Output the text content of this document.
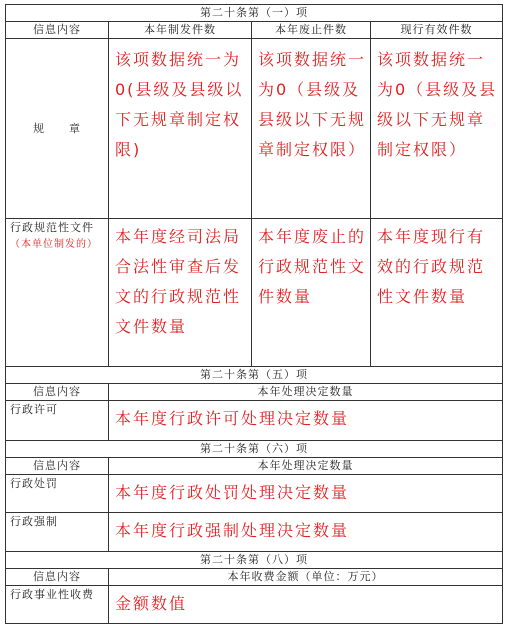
第二十条第（一）项			
信息内容	本年制发件数	本年废止件数	现行有效件数
规　　章	该项数据统一为0(县级及县级以下无规章制定权限)	该项数据统一为0（县级及县级以下无规章制定权限）	该项数据统一为0（县级及县级以下无规章制定权限）
行政规范性文件（本单位制发的）	本年度经司法局合法性审查后发文的行政规范性文件数量	本年度废止的行政规范性文件数量	本年度现行有效的行政规范性文件数量
第二十条第（五）项			
信息内容	本年处理决定数量		
行政许可	本年度行政许可处理决定数量		
第二十条第（六）项			
信息内容	本年处理决定数量		
行政处罚	本年度行政处罚处理决定数量		
行政强制	本年度行政强制处理决定数量		
第二十条第（八）项			
信息内容	本年收费金额（单位：万元）		
行政事业性收费	金额数值		
